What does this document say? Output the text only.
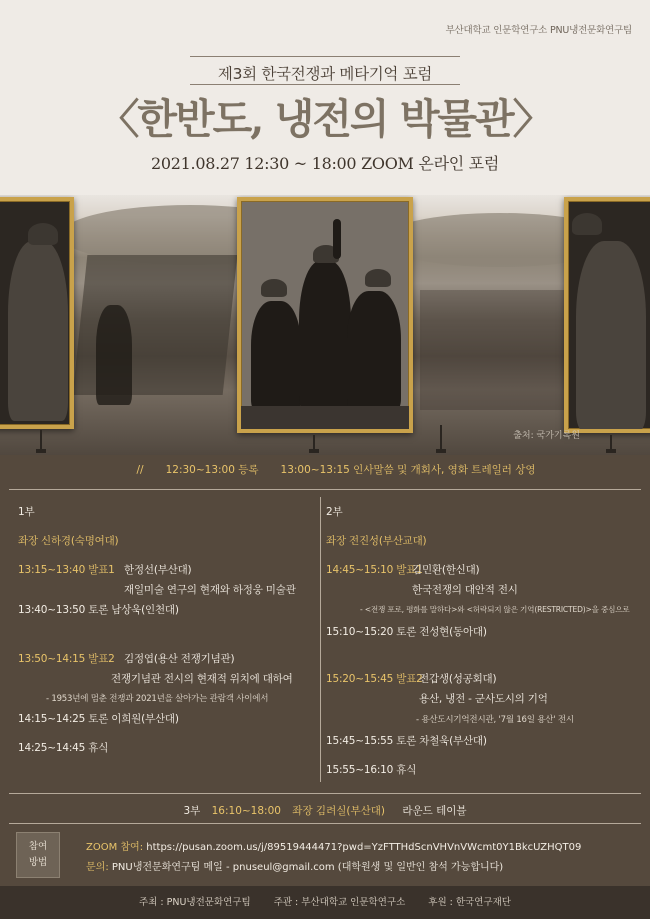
부산대학교 인문학연구소 PNU냉전문화연구팀
제3회 한국전쟁과 메타기억 포럼
〈한반도, 냉전의 박물관〉
2021.08.27 12:30 ~ 18:00 ZOOM 온라인 포럼
출처: 국가기록원
// 12:30~13:00 등록 13:00~13:15 인사말씀 및 개회사, 영화 트레일러 상영
1부
좌장 신하경(숙명여대)
13:15~13:40 발표1 한정선(부산대)
재일미술 연구의 현재와 하정웅 미술관
13:40~13:50 토론 남상욱(인천대)
13:50~14:15 발표2 김정엽(용산 전쟁기념관)
전쟁기념관 전시의 현재적 위치에 대하여
- 1953년에 멈춘 전쟁과 2021년을 살아가는 관람객 사이에서
14:15~14:25 토론 이희원(부산대)
14:25~14:45 휴식
2부
좌장 전진성(부산교대)
14:45~15:10 발표1
김민환(한신대)
한국전쟁의 대안적 전시
- <전쟁 포로, 평화를 말하다>와 <허락되지 않은 기억(RESTRICTED)>을 중심으로
15:10~15:20 토론 전성현(동아대)
15:20~15:45 발표2
전갑생(성공회대)
용산, 냉전 - 군사도시의 기억
- 용산도시기억전시관, '7월 16일 용산' 전시
15:45~15:55 토론 차철욱(부산대)
15:55~16:10 휴식
3부 16:10~18:00 좌장 김려실(부산대) 라운드 테이블
참여
방법
ZOOM 참여: https://pusan.zoom.us/j/89519444471?pwd=YzFTTHdScnVHVnVWcmt0Y1BkcUZHQT09
문의: PNU냉전문화연구팀 메일 - pnuseul@gmail.com (대학원생 및 일반인 참석 가능합니다)
주최 : PNU냉전문화연구팀 주관 : 부산대학교 인문학연구소 후원 : 한국연구재단
